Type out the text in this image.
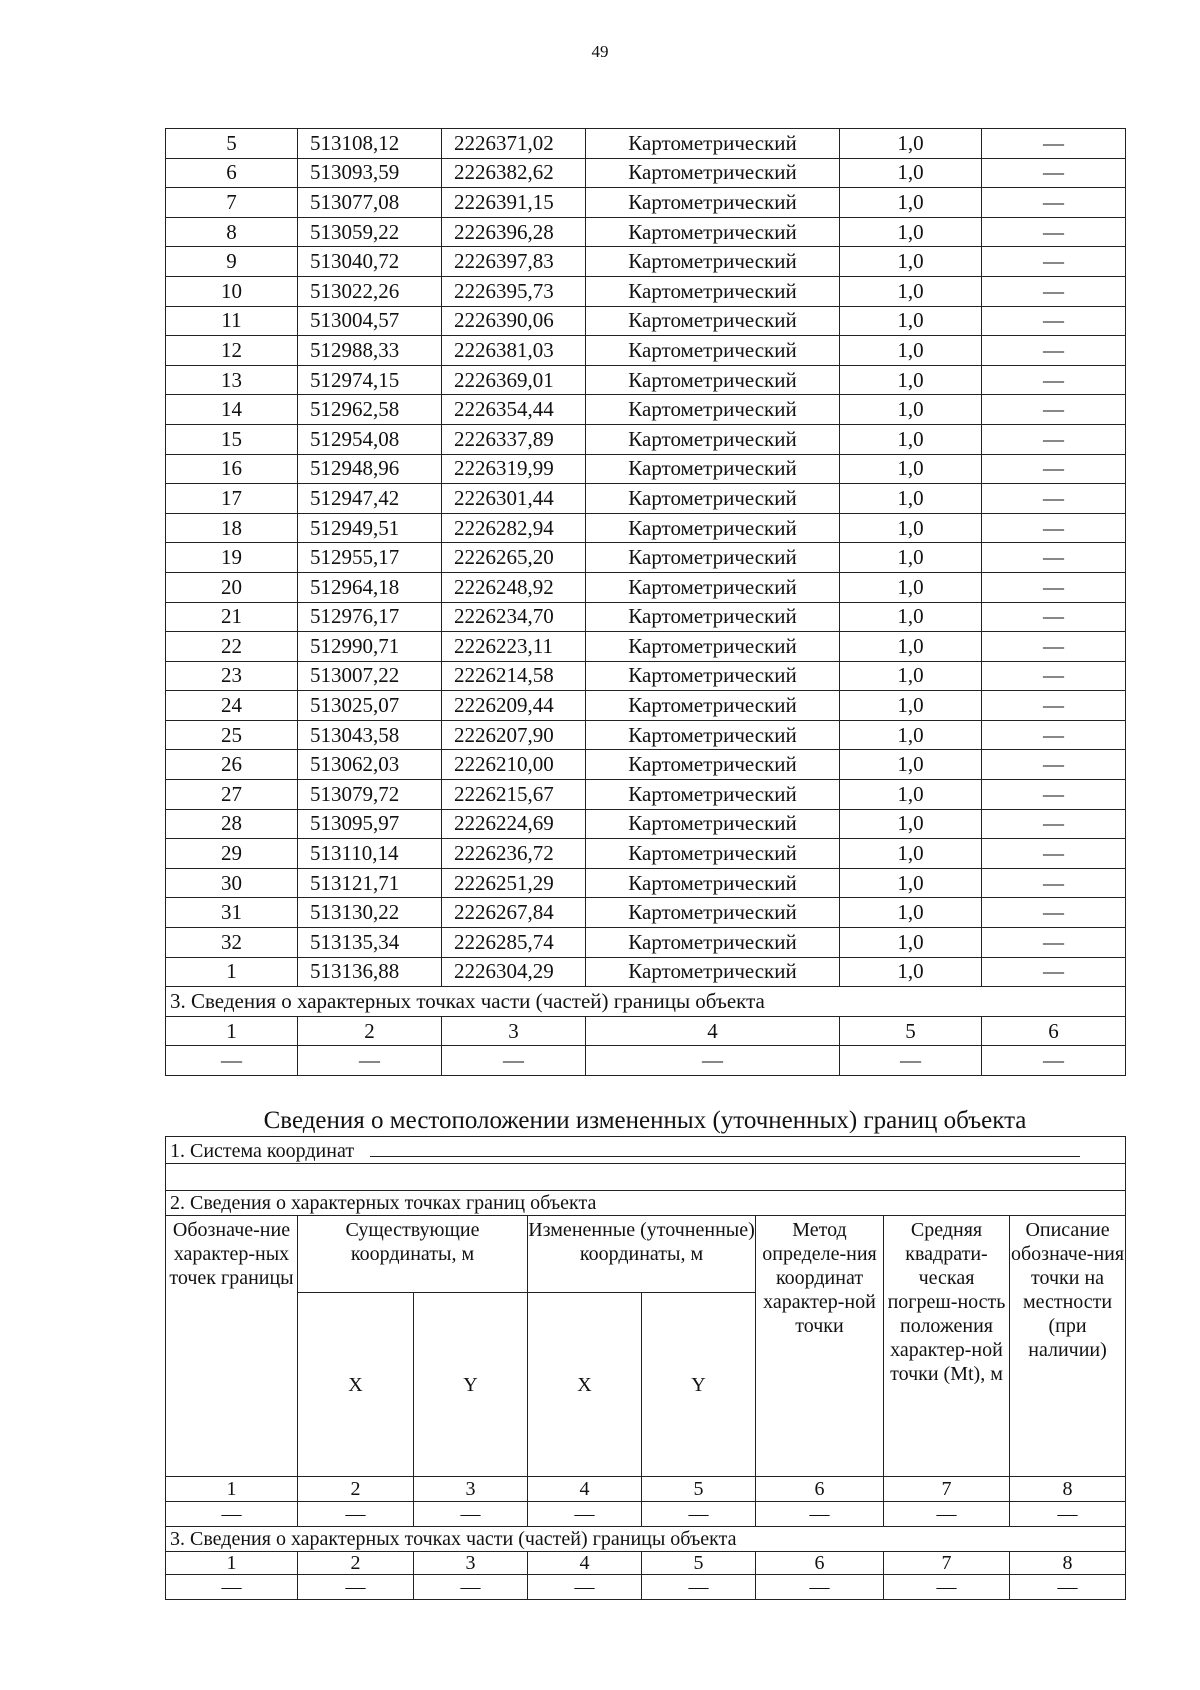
49
5	513108,12	2226371,02	Картометрический	1,0	—
6	513093,59	2226382,62	Картометрический	1,0	—
7	513077,08	2226391,15	Картометрический	1,0	—
8	513059,22	2226396,28	Картометрический	1,0	—
9	513040,72	2226397,83	Картометрический	1,0	—
10	513022,26	2226395,73	Картометрический	1,0	—
11	513004,57	2226390,06	Картометрический	1,0	—
12	512988,33	2226381,03	Картометрический	1,0	—
13	512974,15	2226369,01	Картометрический	1,0	—
14	512962,58	2226354,44	Картометрический	1,0	—
15	512954,08	2226337,89	Картометрический	1,0	—
16	512948,96	2226319,99	Картометрический	1,0	—
17	512947,42	2226301,44	Картометрический	1,0	—
18	512949,51	2226282,94	Картометрический	1,0	—
19	512955,17	2226265,20	Картометрический	1,0	—
20	512964,18	2226248,92	Картометрический	1,0	—
21	512976,17	2226234,70	Картометрический	1,0	—
22	512990,71	2226223,11	Картометрический	1,0	—
23	513007,22	2226214,58	Картометрический	1,0	—
24	513025,07	2226209,44	Картометрический	1,0	—
25	513043,58	2226207,90	Картометрический	1,0	—
26	513062,03	2226210,00	Картометрический	1,0	—
27	513079,72	2226215,67	Картометрический	1,0	—
28	513095,97	2226224,69	Картометрический	1,0	—
29	513110,14	2226236,72	Картометрический	1,0	—
30	513121,71	2226251,29	Картометрический	1,0	—
31	513130,22	2226267,84	Картометрический	1,0	—
32	513135,34	2226285,74	Картометрический	1,0	—
1	513136,88	2226304,29	Картометрический	1,0	—
3. Сведения о характерных точках части (частей) границы объекта					
1	2	3	4	5	6
—	—	—	—	—	—
Сведения о местоположении измененных (уточненных) границ объекта
1. Система координат							

2. Сведения о характерных точках границ объекта							
Обозначе-ние характер-ных точек границы	Существующие координаты, м		Измененные (уточненные) координаты, м		Метод определе-ния координат характер-ной точки	Средняя квадрати-ческая погреш-ность положения характер-ной точки (Mt), м	Описание обозначе-ния точки на местности (при наличии)
	X	Y	X	Y			
1	2	3	4	5	6	7	8
—	—	—	—	—	—	—	—
3. Сведения о характерных точках части (частей) границы объекта							
1	2	3	4	5	6	7	8
—	—	—	—	—	—	—	—
